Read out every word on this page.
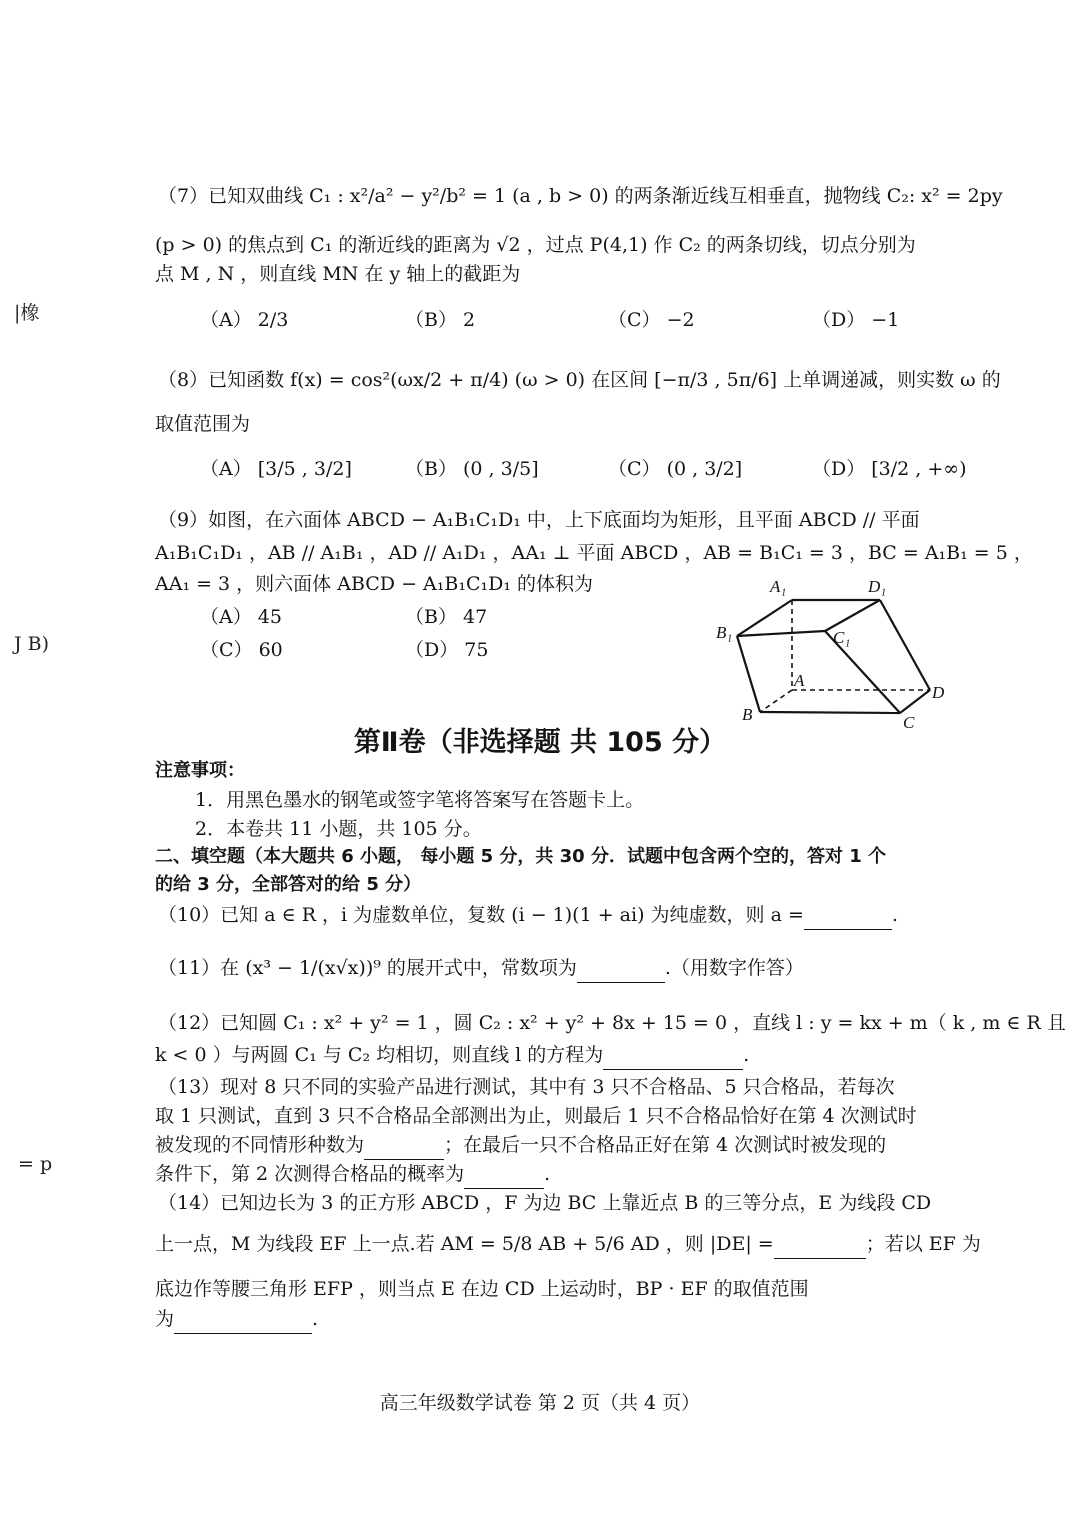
|橡
J B)
= p
（7）已知双曲线 C₁ : x²/a² − y²/b² = 1 (a , b > 0) 的两条渐近线互相垂直，抛物线 C₂: x² = 2py
(p > 0) 的焦点到 C₁ 的渐近线的距离为 √2 ，过点 P(4,1) 作 C₂ 的两条切线，切点分别为
点 M , N ，则直线 MN 在 y 轴上的截距为
（A） 2/3	（B） 2	（C） −2	（D） −1
（8）已知函数 f(x) = cos²(ωx/2 + π/4) (ω > 0) 在区间 [−π/3 , 5π/6] 上单调递减，则实数 ω 的
取值范围为
（A） [3/5 , 3/2]	（B） (0 , 3/5]	（C） (0 , 3/2]	（D） [3/2 , +∞)
（9）如图，在六面体 ABCD − A₁B₁C₁D₁ 中，上下底面均为矩形，且平面 ABCD // 平面
A₁B₁C₁D₁ ，AB // A₁B₁ ，AD // A₁D₁ ，AA₁ ⊥ 平面 ABCD ，AB = B₁C₁ = 3 ，BC = A₁B₁ = 5 ，
AA₁ = 3 ，则六面体 ABCD − A₁B₁C₁D₁ 的体积为
（A） 45	（B） 47
（C） 60	（D） 75
A₁	D₁
B₁	C₁
A
D
B	C
第Ⅱ卷（非选择题 共 105 分）
注意事项：
1．用黑色墨水的钢笔或签字笔将答案写在答题卡上。
2．本卷共 11 小题，共 105 分。
二、填空题（本大题共 6 小题， 每小题 5 分，共 30 分．试题中包含两个空的，答对 1 个
的给 3 分，全部答对的给 5 分）
（10）已知 a ∈ R ，i 为虚数单位，复数 (i − 1)(1 + ai) 为纯虚数，则 a =	.
（11）在 (x³ − 1/(x√x))⁹ 的展开式中，常数项为	.（用数字作答）
（12）已知圆 C₁ : x² + y² = 1 ，圆 C₂ : x² + y² + 8x + 15 = 0 ，直线 l : y = kx + m（ k , m ∈ R 且
k < 0 ）与两圆 C₁ 与 C₂ 均相切，则直线 l 的方程为	.
（13）现对 8 只不同的实验产品进行测试，其中有 3 只不合格品、5 只合格品，若每次
取 1 只测试，直到 3 只不合格品全部测出为止，则最后 1 只不合格品恰好在第 4 次测试时
被发现的不同情形种数为	；在最后一只不合格品正好在第 4 次测试时被发现的
条件下，第 2 次测得合格品的概率为	.
（14）已知边长为 3 的正方形 ABCD ，F 为边 BC 上靠近点 B 的三等分点，E 为线段 CD
上一点，M 为线段 EF 上一点.若 AM = 5/8 AB + 5/6 AD ，则 |DE| =	；若以 EF 为
底边作等腰三角形 EFP ，则当点 E 在边 CD 上运动时，BP · EF 的取值范围
为	.
高三年级数学试卷 第 2 页（共 4 页）
